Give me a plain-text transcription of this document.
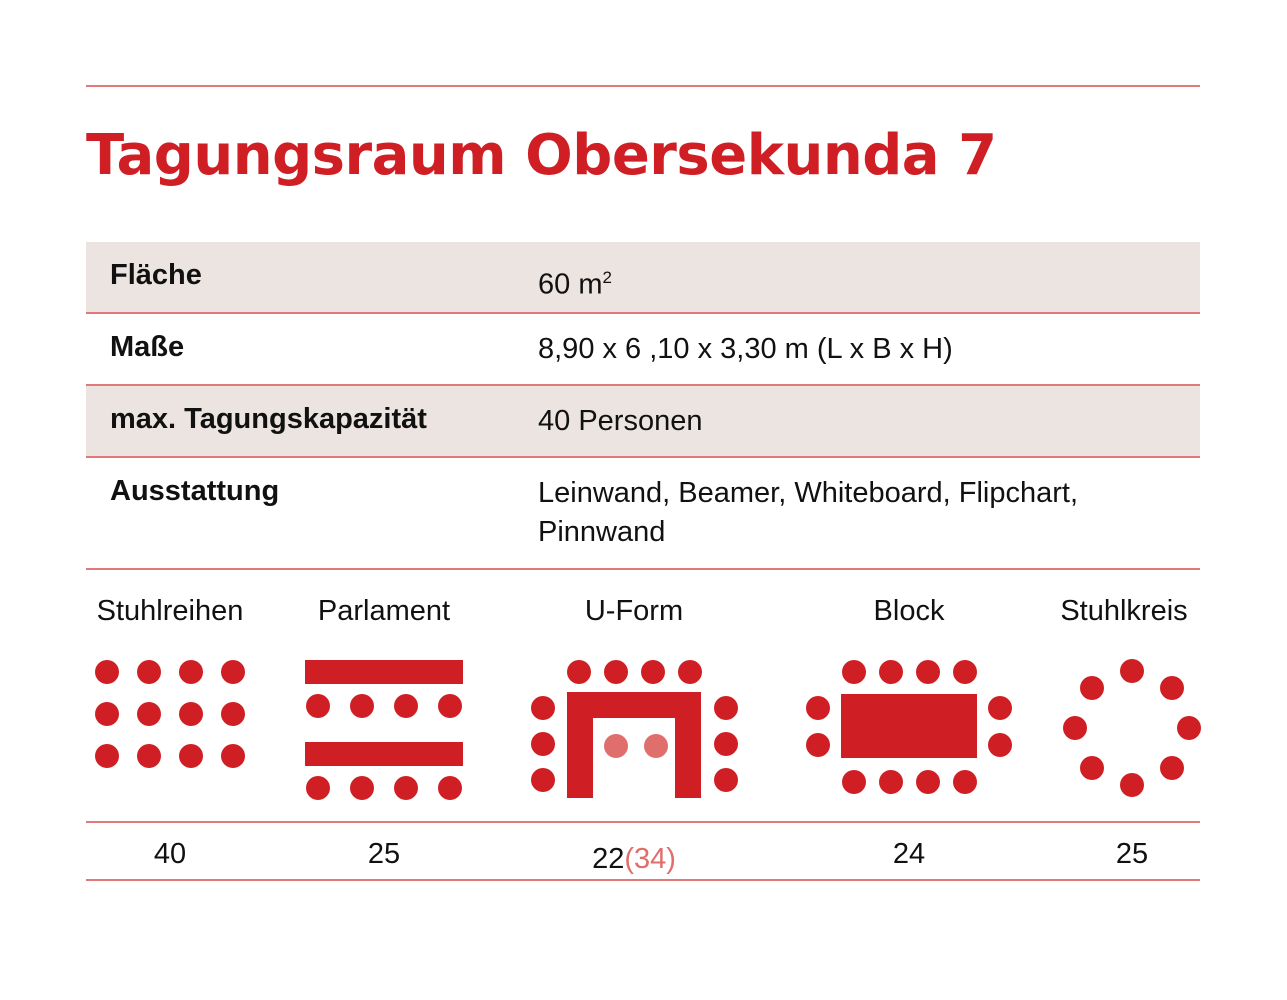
Tagungsraum Obersekunda 7
Fläche	60 $m^2$
Maße	8,90 x 6 ,10 x 3,30 m (L x B x H)
max. Tagungskapazität	40 Personen
Ausstattung	Leinwand, Beamer, Whiteboard, Flipchart,
Pinnwand
Stuhlreihen	Parlament	U-Form	Block	Stuhlkreis
40	25	22(34)	24	25
